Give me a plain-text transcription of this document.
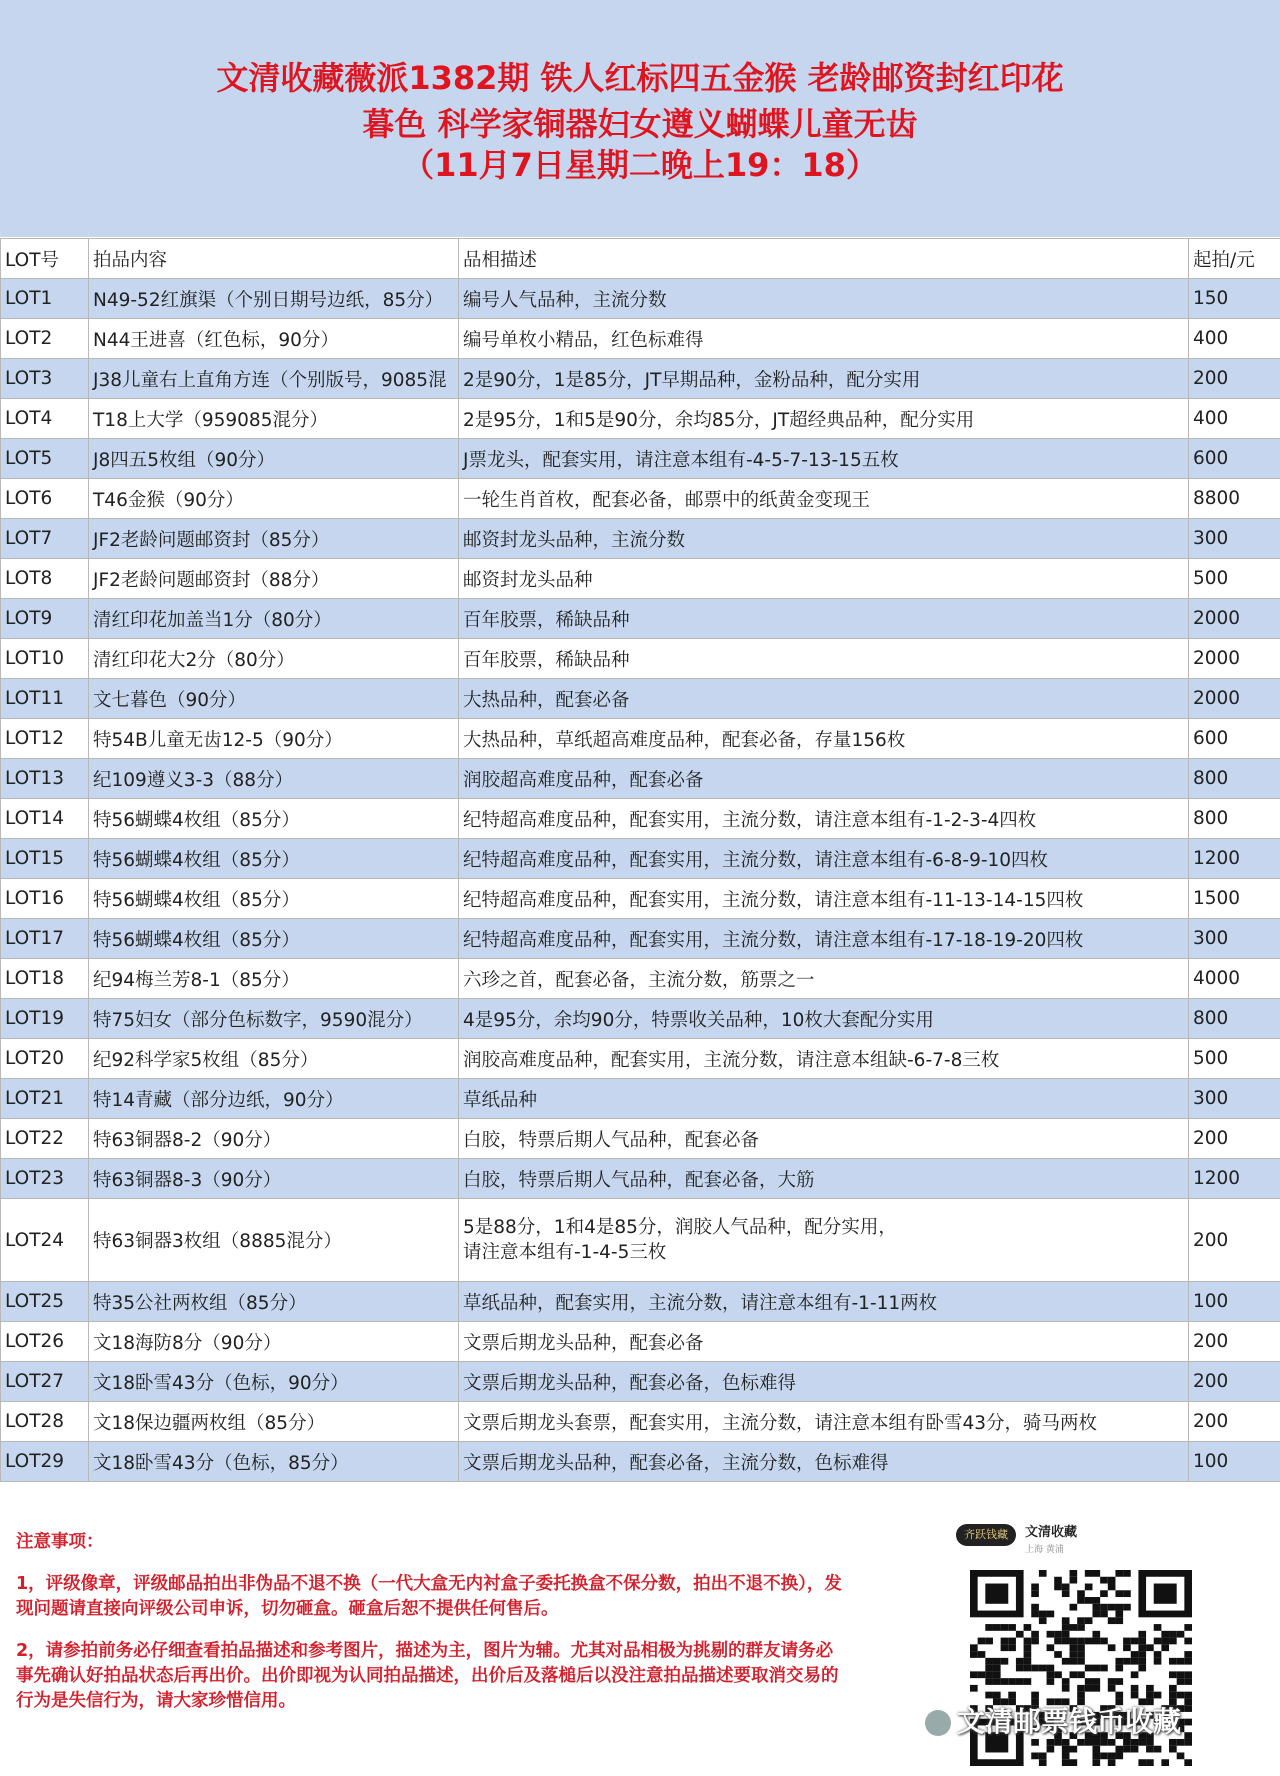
文清收藏薇派1382期 铁人红标四五金猴 老龄邮资封红印花
暮色 科学家铜器妇女遵义蝴蝶儿童无齿
（11月7日星期二晚上19：18）
LOT号	拍品内容	品相描述	起拍/元
LOT1	N49-52红旗渠（个别日期号边纸，85分）	编号人气品种，主流分数	150
LOT2	N44王进喜（红色标，90分）	编号单枚小精品，红色标难得	400
LOT3	J38儿童右上直角方连（个别版号，9085混	2是90分，1是85分，JT早期品种，金粉品种，配分实用	200
LOT4	T18上大学（959085混分）	2是95分，1和5是90分，余均85分，JT超经典品种，配分实用	400
LOT5	J8四五5枚组（90分）	J票龙头，配套实用，请注意本组有-4-5-7-13-15五枚	600
LOT6	T46金猴（90分）	一轮生肖首枚，配套必备，邮票中的纸黄金变现王	8800
LOT7	JF2老龄问题邮资封（85分）	邮资封龙头品种，主流分数	300
LOT8	JF2老龄问题邮资封（88分）	邮资封龙头品种	500
LOT9	清红印花加盖当1分（80分）	百年胶票，稀缺品种	2000
LOT10	清红印花大2分（80分）	百年胶票，稀缺品种	2000
LOT11	文七暮色（90分）	大热品种，配套必备	2000
LOT12	特54B儿童无齿12-5（90分）	大热品种，草纸超高难度品种，配套必备，存量156枚	600
LOT13	纪109遵义3-3（88分）	润胶超高难度品种，配套必备	800
LOT14	特56蝴蝶4枚组（85分）	纪特超高难度品种，配套实用，主流分数，请注意本组有-1-2-3-4四枚	800
LOT15	特56蝴蝶4枚组（85分）	纪特超高难度品种，配套实用，主流分数，请注意本组有-6-8-9-10四枚	1200
LOT16	特56蝴蝶4枚组（85分）	纪特超高难度品种，配套实用，主流分数，请注意本组有-11-13-14-15四枚	1500
LOT17	特56蝴蝶4枚组（85分）	纪特超高难度品种，配套实用，主流分数，请注意本组有-17-18-19-20四枚	300
LOT18	纪94梅兰芳8-1（85分）	六珍之首，配套必备，主流分数，筋票之一	4000
LOT19	特75妇女（部分色标数字，9590混分）	4是95分，余均90分，特票收关品种，10枚大套配分实用	800
LOT20	纪92科学家5枚组（85分）	润胶高难度品种，配套实用，主流分数，请注意本组缺-6-7-8三枚	500
LOT21	特14青藏（部分边纸，90分）	草纸品种	300
LOT22	特63铜器8-2（90分）	白胶，特票后期人气品种，配套必备	200
LOT23	特63铜器8-3（90分）	白胶，特票后期人气品种，配套必备，大筋	1200
LOT24	特63铜器3枚组（8885混分）	5是88分，1和4是85分，润胶人气品种，配分实用，
请注意本组有-1-4-5三枚	200
LOT25	特35公社两枚组（85分）	草纸品种，配套实用，主流分数，请注意本组有-1-11两枚	100
LOT26	文18海防8分（90分）	文票后期龙头品种，配套必备	200
LOT27	文18卧雪43分（色标，90分）	文票后期龙头品种，配套必备，色标难得	200
LOT28	文18保边疆两枚组（85分）	文票后期龙头套票，配套实用，主流分数，请注意本组有卧雪43分，骑马两枚	200
LOT29	文18卧雪43分（色标，85分）	文票后期龙头品种，配套必备，主流分数，色标难得	100

注意事项：

1，评级像章，评级邮品拍出非伪品不退不换（一代大盒无内衬盒子委托换盒不保分数，拍出不退不换），发现问题请直接向评级公司申诉，切勿砸盒。砸盒后恕不提供任何售后。

2，请参拍前务必仔细查看拍品描述和参考图片，描述为主，图片为辅。尤其对品相极为挑剔的群友请务必事先确认好拍品状态后再出价。出价即视为认同拍品描述，出价后及落槌后以没注意拍品描述要取消交易的行为是失信行为，请大家珍惜信用。

齐跃钱藏	文清收藏
上海 黄浦
文清邮票钱币收藏
